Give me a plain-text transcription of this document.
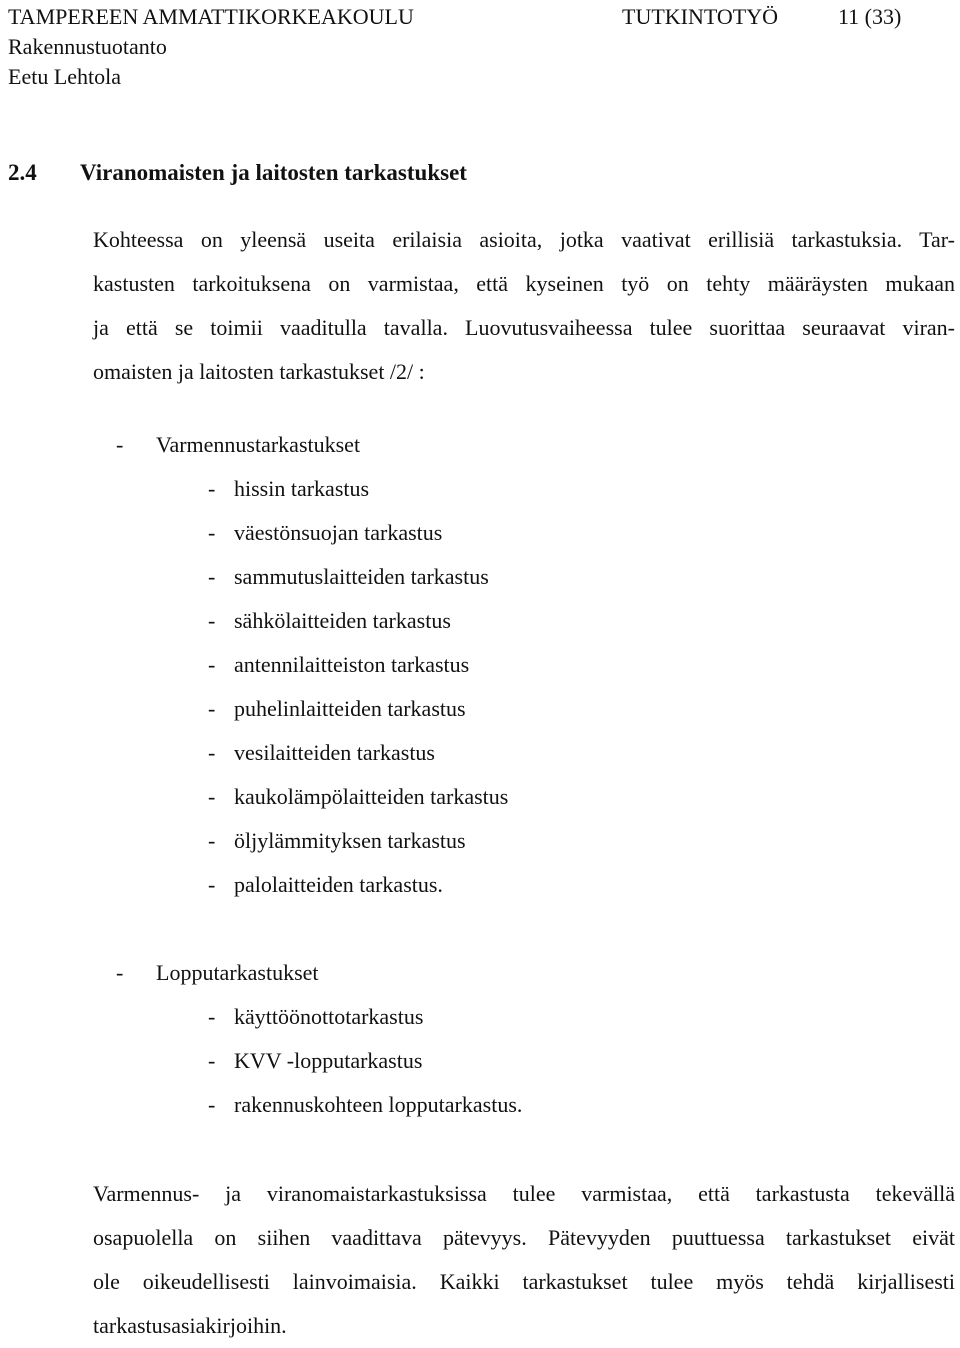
TAMPEREEN AMMATTIKORKEAKOULU	TUTKINTOTYÖ	11 (33)
Rakennustuotanto
Eetu Lehtola
2.4 Viranomaisten ja laitosten tarkastukset
Kohteessa on yleensä useita erilaisia asioita, jotka vaativat erillisiä tarkastuksia. Tar-
kastusten tarkoituksena on varmistaa, että kyseinen työ on tehty määräysten mukaan
ja että se toimii vaaditulla tavalla. Luovutusvaiheessa tulee suorittaa seuraavat viran-
omaisten ja laitosten tarkastukset /2/ :
- Varmennustarkastukset
- hissin tarkastus
- väestönsuojan tarkastus
- sammutuslaitteiden tarkastus
- sähkölaitteiden tarkastus
- antennilaitteiston tarkastus
- puhelinlaitteiden tarkastus
- vesilaitteiden tarkastus
- kaukolämpölaitteiden tarkastus
- öljylämmityksen tarkastus
- palolaitteiden tarkastus.
- Lopputarkastukset
- käyttöönottotarkastus
- KVV -lopputarkastus
- rakennuskohteen lopputarkastus.
Varmennus- ja viranomaistarkastuksissa tulee varmistaa, että tarkastusta tekevällä
osapuolella on siihen vaadittava pätevyys. Pätevyyden puuttuessa tarkastukset eivät
ole oikeudellisesti lainvoimaisia. Kaikki tarkastukset tulee myös tehdä kirjallisesti
tarkastusasiakirjoihin.
